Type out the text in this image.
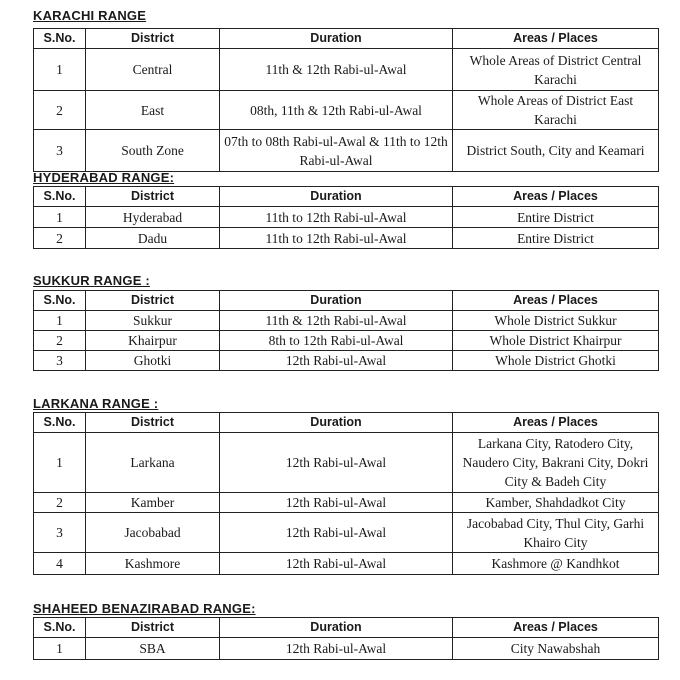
KARACHI RANGE
S.No.	District	Duration	Areas / Places
1	Central	11th & 12th Rabi-ul-Awal	Whole Areas of District Central Karachi
2	East	08th, 11th & 12th Rabi-ul-Awal	Whole Areas of District East Karachi
3	South Zone	07th to 08th Rabi-ul-Awal & 11th to 12th Rabi-ul-Awal	District South, City and Keamari
HYDERABAD RANGE:
S.No.	District	Duration	Areas / Places
1	Hyderabad	11th to 12th Rabi-ul-Awal	Entire District
2	Dadu	11th to 12th Rabi-ul-Awal	Entire District
SUKKUR RANGE :
S.No.	District	Duration	Areas / Places
1	Sukkur	11th & 12th Rabi-ul-Awal	Whole District Sukkur
2	Khairpur	8th to 12th Rabi-ul-Awal	Whole District Khairpur
3	Ghotki	12th Rabi-ul-Awal	Whole District Ghotki
LARKANA RANGE :
S.No.	District	Duration	Areas / Places
1	Larkana	12th Rabi-ul-Awal	Larkana City, Ratodero City, Naudero City, Bakrani City, Dokri City & Badeh City
2	Kamber	12th Rabi-ul-Awal	Kamber, Shahdadkot City
3	Jacobabad	12th Rabi-ul-Awal	Jacobabad City, Thul City, Garhi Khairo City
4	Kashmore	12th Rabi-ul-Awal	Kashmore @ Kandhkot
SHAHEED BENAZIRABAD RANGE:
S.No.	District	Duration	Areas / Places
1	SBA	12th Rabi-ul-Awal	City Nawabshah
